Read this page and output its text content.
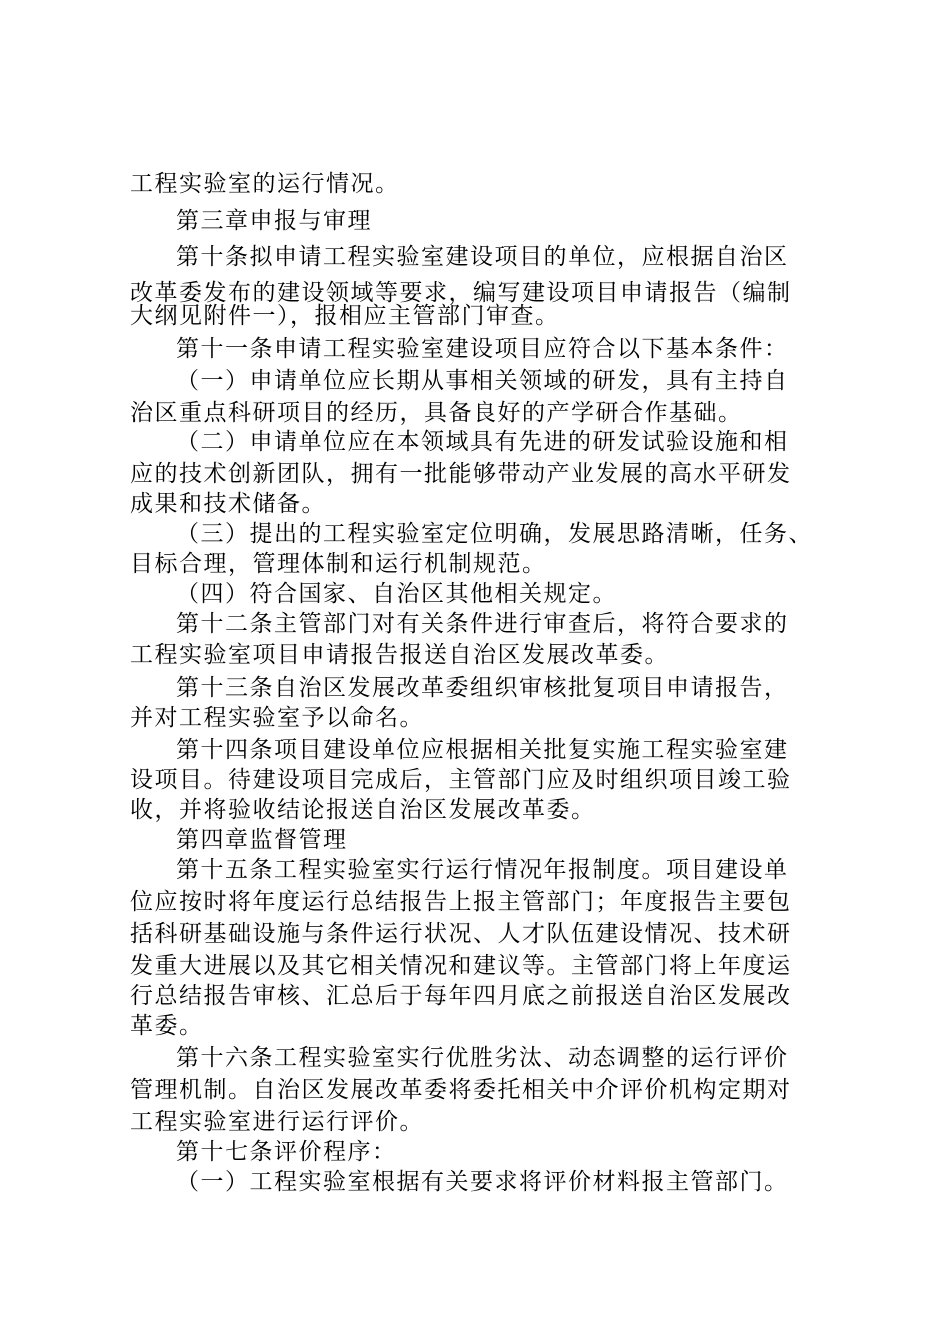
工程实验室的运行情况。
第三章申报与审理
第十条拟申请工程实验室建设项目的单位，应根据自治区
改革委发布的建设领域等要求，编写建设项目申请报告（编制
大纲见附件一），报相应主管部门审查。
第十一条申请工程实验室建设项目应符合以下基本条件：
（一）申请单位应长期从事相关领域的研发，具有主持自
治区重点科研项目的经历，具备良好的产学研合作基础。
（二）申请单位应在本领域具有先进的研发试验设施和相
应的技术创新团队，拥有一批能够带动产业发展的高水平研发
成果和技术储备。
（三）提出的工程实验室定位明确，发展思路清晰，任务、
目标合理，管理体制和运行机制规范。
（四）符合国家、自治区其他相关规定。
第十二条主管部门对有关条件进行审查后，将符合要求的
工程实验室项目申请报告报送自治区发展改革委。
第十三条自治区发展改革委组织审核批复项目申请报告，
并对工程实验室予以命名。
第十四条项目建设单位应根据相关批复实施工程实验室建
设项目。待建设项目完成后，主管部门应及时组织项目竣工验
收，并将验收结论报送自治区发展改革委。
第四章监督管理
第十五条工程实验室实行运行情况年报制度。项目建设单
位应按时将年度运行总结报告上报主管部门；年度报告主要包
括科研基础设施与条件运行状况、人才队伍建设情况、技术研
发重大进展以及其它相关情况和建议等。主管部门将上年度运
行总结报告审核、汇总后于每年四月底之前报送自治区发展改
革委。
第十六条工程实验室实行优胜劣汰、动态调整的运行评价
管理机制。自治区发展改革委将委托相关中介评价机构定期对
工程实验室进行运行评价。
第十七条评价程序：
（一）工程实验室根据有关要求将评价材料报主管部门。
